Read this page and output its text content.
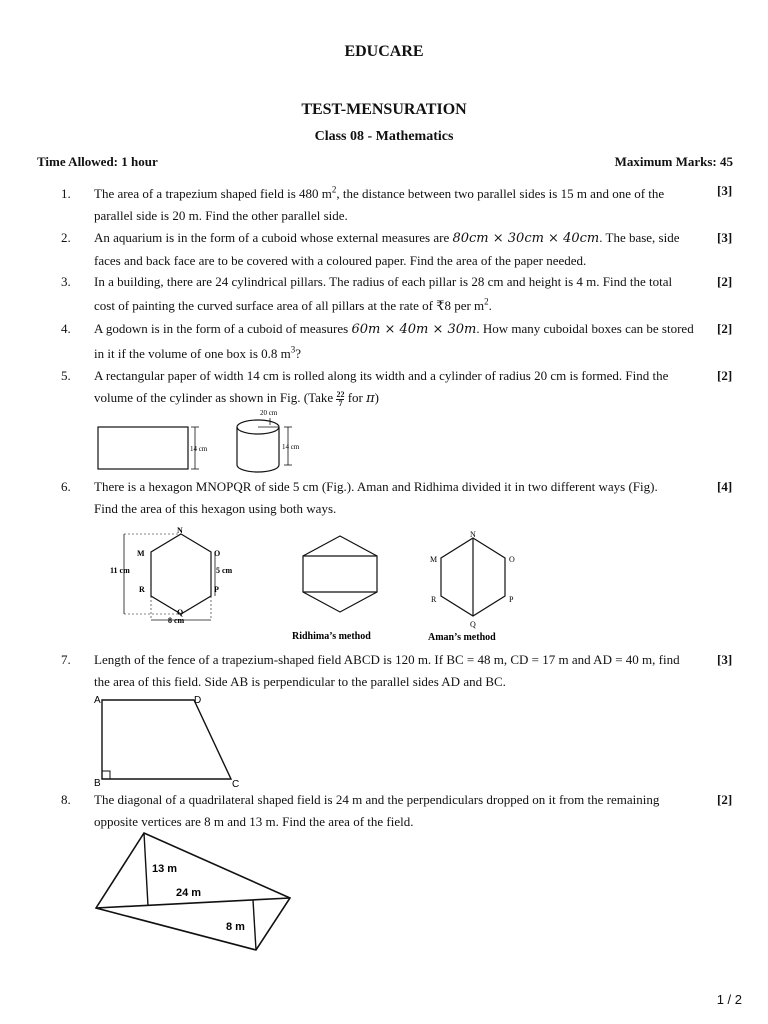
EDUCARE
TEST-MENSURATION
Class 08 - Mathematics
Time Allowed: 1 hour	Maximum Marks: 45
1. The area of a trapezium shaped field is 480 $m^2$, the distance between two parallel sides is 15 m and one of the
parallel side is 20 m. Find the other parallel side.
[3]
2. An aquarium is in the form of a cuboid whose external measures are 80cm × 30cm × 40cm. The base, side
faces and back face are to be covered with a coloured paper. Find the area of the paper needed.
[3]
3. In a building, there are 24 cylindrical pillars. The radius of each pillar is 28 cm and height is 4 m. Find the total
cost of painting the curved surface area of all pillars at the rate of ₹8 per $m^2$.
[2]
4. A godown is in the form of a cuboid of measures 60m × 40m × 30m. How many cuboidal boxes can be stored
in it if the volume of one box is 0.8 $m^3$?
[2]
5. A rectangular paper of width 14 cm is rolled along its width and a cylinder of radius 20 cm is formed. Find the
volume of the cylinder as shown in Fig. (Take $\frac{22}{7}$ for π)
[2]
14 cm
20 cm
14 cm
6. There is a hexagon MNOPQR of side 5 cm (Fig.). Aman and Ridhima divided it in two different ways (Fig).
Find the area of this hexagon using both ways.
[4]
N
M	O
R	P
Q
11 cm	5 cm
8 cm
Ridhima’s method
N
M	O
R	P
Q
Aman’s method
7. Length of the fence of a trapezium-shaped field ABCD is 120 m. If BC = 48 m, CD = 17 m and AD = 40 m, find
the area of this field. Side AB is perpendicular to the parallel sides AD and BC.
[3]
A	D
B	C
8. The diagonal of a quadrilateral shaped field is 24 m and the perpendiculars dropped on it from the remaining
opposite vertices are 8 m and 13 m. Find the area of the field.
[2]
13 m
24 m
8 m
1 / 2
